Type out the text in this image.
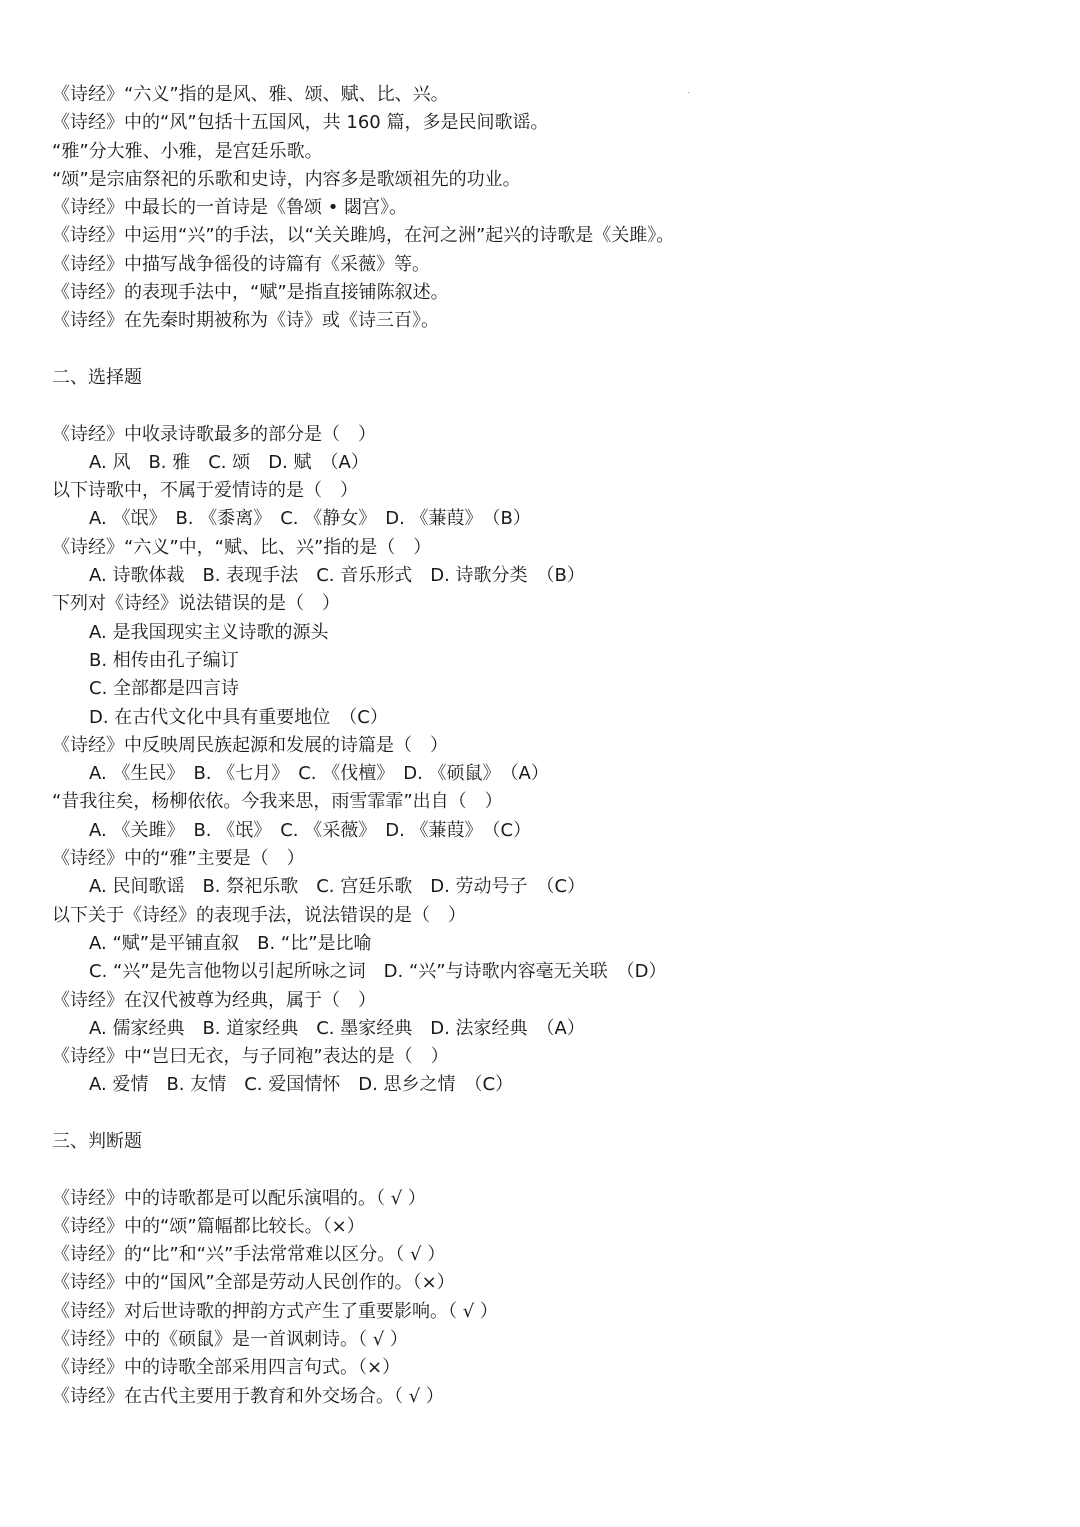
《诗经》“六义”指的是风、雅、颂、赋、比、兴。
《诗经》中的“风”包括十五国风，共 160 篇，多是民间歌谣。
“雅”分大雅、小雅，是宫廷乐歌。
“颂”是宗庙祭祀的乐歌和史诗，内容多是歌颂祖先的功业。
《诗经》中最长的一首诗是《鲁颂 • 閟宫》。
《诗经》中运用“兴”的手法，以“关关雎鸠，在河之洲”起兴的诗歌是《关雎》。
《诗经》中描写战争徭役的诗篇有《采薇》等。
《诗经》的表现手法中，“赋”是指直接铺陈叙述。
《诗经》在先秦时期被称为《诗》或《诗三百》。
二、选择题
《诗经》中收录诗歌最多的部分是（　）
A. 风　B. 雅　C. 颂　D. 赋　（A）
以下诗歌中，不属于爱情诗的是（　）
A. 《氓》　B. 《黍离》　C. 《静女》　D. 《蒹葭》　（B）
《诗经》“六义”中，“赋、比、兴”指的是（　）
A. 诗歌体裁　B. 表现手法　C. 音乐形式　D. 诗歌分类　（B）
下列对《诗经》说法错误的是（　）
A. 是我国现实主义诗歌的源头
B. 相传由孔子编订
C. 全部都是四言诗
D. 在古代文化中具有重要地位　（C）
《诗经》中反映周民族起源和发展的诗篇是（　）
A. 《生民》　B. 《七月》　C. 《伐檀》　D. 《硕鼠》　（A）
“昔我往矣，杨柳依依。今我来思，雨雪霏霏”出自（　）
A. 《关雎》　B. 《氓》　C. 《采薇》　D. 《蒹葭》　（C）
《诗经》中的“雅”主要是（　）
A. 民间歌谣　B. 祭祀乐歌　C. 宫廷乐歌　D. 劳动号子　（C）
以下关于《诗经》的表现手法，说法错误的是（　）
A. “赋”是平铺直叙　B. “比”是比喻
C. “兴”是先言他物以引起所咏之词　D. “兴”与诗歌内容毫无关联　（D）
《诗经》在汉代被尊为经典，属于（　）
A. 儒家经典　B. 道家经典　C. 墨家经典　D. 法家经典　（A）
《诗经》中“岂曰无衣，与子同袍”表达的是（　）
A. 爱情　B. 友情　C. 爱国情怀　D. 思乡之情　（C）
三、判断题
《诗经》中的诗歌都是可以配乐演唱的。（ √ ）
《诗经》中的“颂”篇幅都比较长。（×）
《诗经》的“比”和“兴”手法常常难以区分。（ √ ）
《诗经》中的“国风”全部是劳动人民创作的。（×）
《诗经》对后世诗歌的押韵方式产生了重要影响。（ √ ）
《诗经》中的《硕鼠》是一首讽刺诗。（ √ ）
《诗经》中的诗歌全部采用四言句式。（×）
《诗经》在古代主要用于教育和外交场合。（ √ ）
